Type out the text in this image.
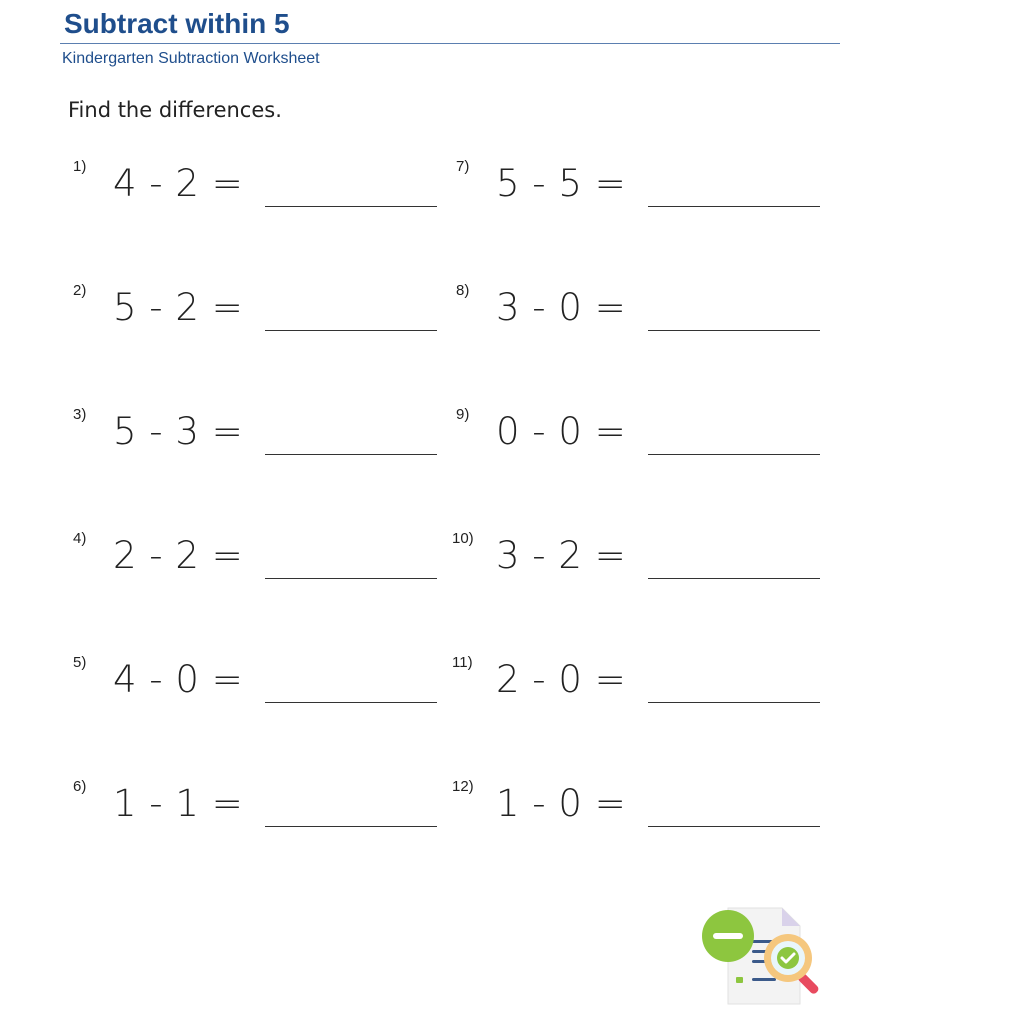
Subtract within 5
Kindergarten Subtraction Worksheet
Find the differences.
1) 4 - 2 =
2) 5 - 2 =
3) 5 - 3 =
4) 2 - 2 =
5) 4 - 0 =
6) 1 - 1 =
7) 5 - 5 =
8) 3 - 0 =
9) 0 - 0 =
10) 3 - 2 =
11) 2 - 0 =
12) 1 - 0 =
